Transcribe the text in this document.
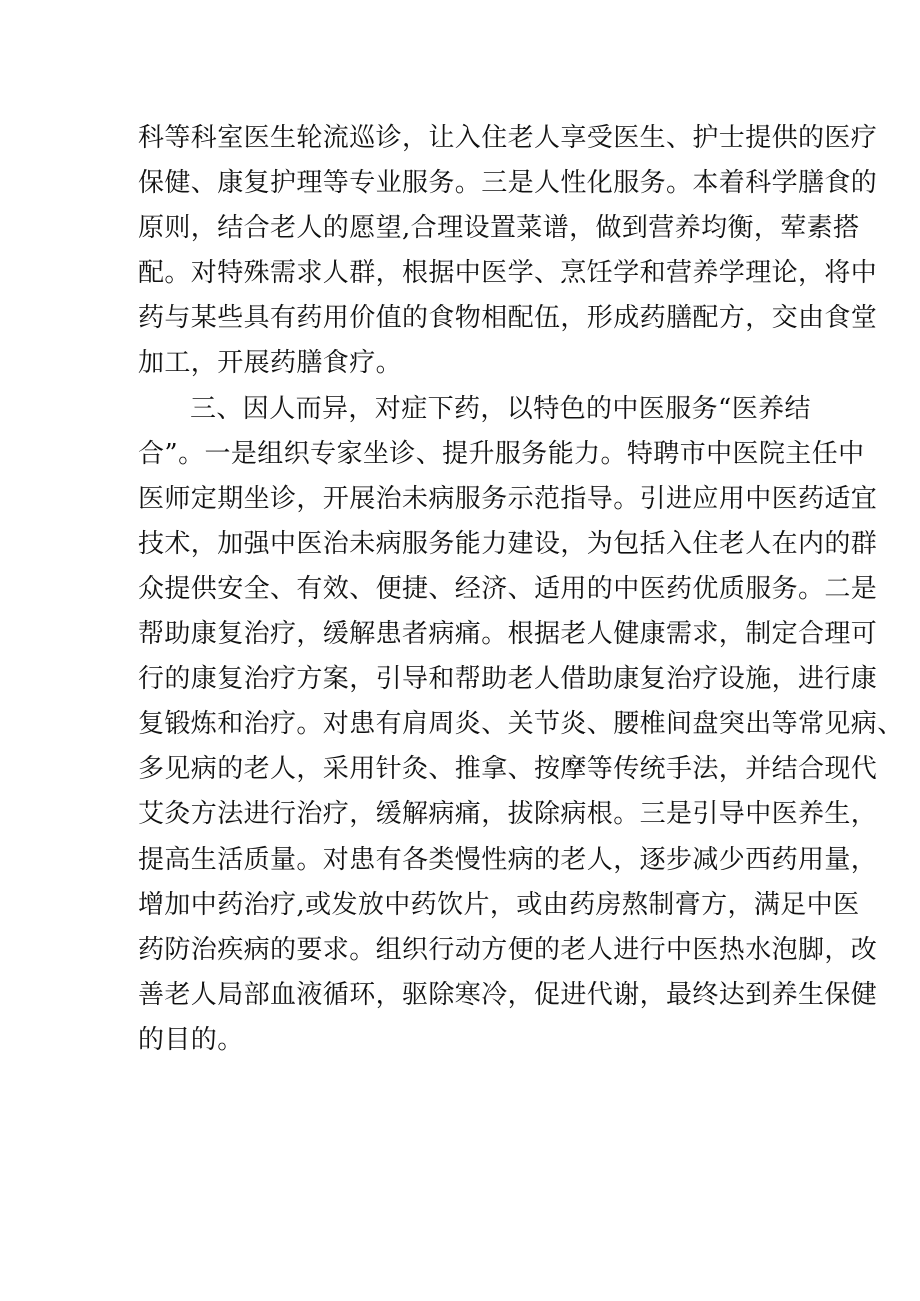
科等科室医生轮流巡诊，让入住老人享受医生、护士提供的医疗
保健、康复护理等专业服务。三是人性化服务。本着科学膳食的
原则，结合老人的愿望,合理设置菜谱，做到营养均衡，荤素搭
配。对特殊需求人群，根据中医学、烹饪学和营养学理论，将中
药与某些具有药用价值的食物相配伍，形成药膳配方，交由食堂
加工，开展药膳食疗。
三、因人而异，对症下药，以特色的中医服务“医养结
合”。一是组织专家坐诊、提升服务能力。特聘市中医院主任中
医师定期坐诊，开展治未病服务示范指导。引进应用中医药适宜
技术，加强中医治未病服务能力建设，为包括入住老人在内的群
众提供安全、有效、便捷、经济、适用的中医药优质服务。二是
帮助康复治疗，缓解患者病痛。根据老人健康需求，制定合理可
行的康复治疗方案，引导和帮助老人借助康复治疗设施，进行康
复锻炼和治疗。对患有肩周炎、关节炎、腰椎间盘突出等常见病、
多见病的老人，采用针灸、推拿、按摩等传统手法，并结合现代
艾灸方法进行治疗，缓解病痛，拔除病根。三是引导中医养生，
提高生活质量。对患有各类慢性病的老人，逐步减少西药用量，
增加中药治疗,或发放中药饮片，或由药房熬制膏方，满足中医
药防治疾病的要求。组织行动方便的老人进行中医热水泡脚，改
善老人局部血液循环，驱除寒冷，促进代谢，最终达到养生保健
的目的。
